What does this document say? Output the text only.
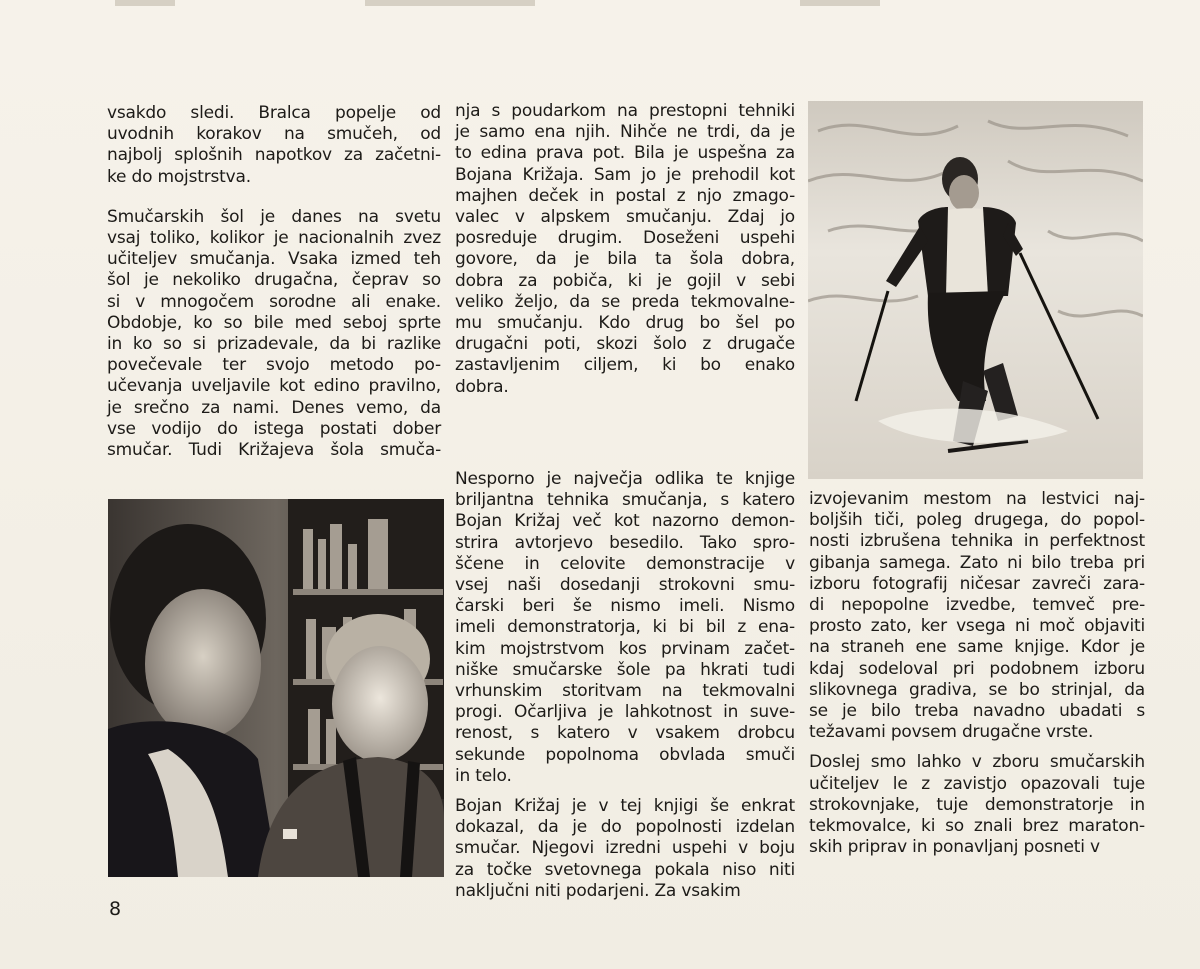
vsakdo sledi. Bralca popelje od
uvodnih korakov na smučeh, od
najbolj splošnih napotkov za začetni-
ke do mojstrstva.
Smučarskih šol je danes na svetu
vsaj toliko, kolikor je nacionalnih zvez
učiteljev smučanja. Vsaka izmed teh
šol je nekoliko drugačna, čeprav so
si v mnogočem sorodne ali enake.
Obdobje, ko so bile med seboj sprte
in ko so si prizadevale, da bi razlike
povečevale ter svojo metodo po-
učevanja uveljavile kot edino pravilno,
je srečno za nami. Denes vemo, da
vse vodijo do istega postati dober
smučar. Tudi Križajeva šola smuča-
nja s poudarkom na prestopni tehniki
je samo ena njih. Nihče ne trdi, da je
to edina prava pot. Bila je uspešna za
Bojana Križaja. Sam jo je prehodil kot
majhen deček in postal z njo zmago-
valec v alpskem smučanju. Zdaj jo
posreduje drugim. Doseženi uspehi
govore, da je bila ta šola dobra,
dobra za pobiča, ki je gojil v sebi
veliko željo, da se preda tekmovalne-
mu smučanju. Kdo drug bo šel po
drugačni poti, skozi šolo z drugače
zastavljenim ciljem, ki bo enako
dobra.
Nesporno je največja odlika te knjige
briljantna tehnika smučanja, s katero
Bojan Križaj več kot nazorno demon-
strira avtorjevo besedilo. Tako spro-
ščene in celovite demonstracije v
vsej naši dosedanji strokovni smu-
čarski beri še nismo imeli. Nismo
imeli demonstratorja, ki bi bil z ena-
kim mojstrstvom kos prvinam začet-
niške smučarske šole pa hkrati tudi
vrhunskim storitvam na tekmovalni
progi. Očarljiva je lahkotnost in suve-
renost, s katero v vsakem drobcu
sekunde popolnoma obvlada smuči
in telo.
Bojan Križaj je v tej knjigi še enkrat
dokazal, da je do popolnosti izdelan
smučar. Njegovi izredni uspehi v boju
za točke svetovnega pokala niso niti
naključni niti podarjeni. Za vsakim
izvojevanim mestom na lestvici naj-
boljših tiči, poleg drugega, do popol-
nosti izbrušena tehnika in perfektnost
gibanja samega. Zato ni bilo treba pri
izboru fotografij ničesar zavreči zara-
di nepopolne izvedbe, temveč pre-
prosto zato, ker vsega ni moč objaviti
na straneh ene same knjige. Kdor je
kdaj sodeloval pri podobnem izboru
slikovnega gradiva, se bo strinjal, da
se je bilo treba navadno ubadati s
težavami povsem drugačne vrste.
Doslej smo lahko v zboru smučarskih
učiteljev le z zavistjo opazovali tuje
strokovnjake, tuje demonstratorje in
tekmovalce, ki so znali brez maraton-
skih priprav in ponavljanj posneti v
8
